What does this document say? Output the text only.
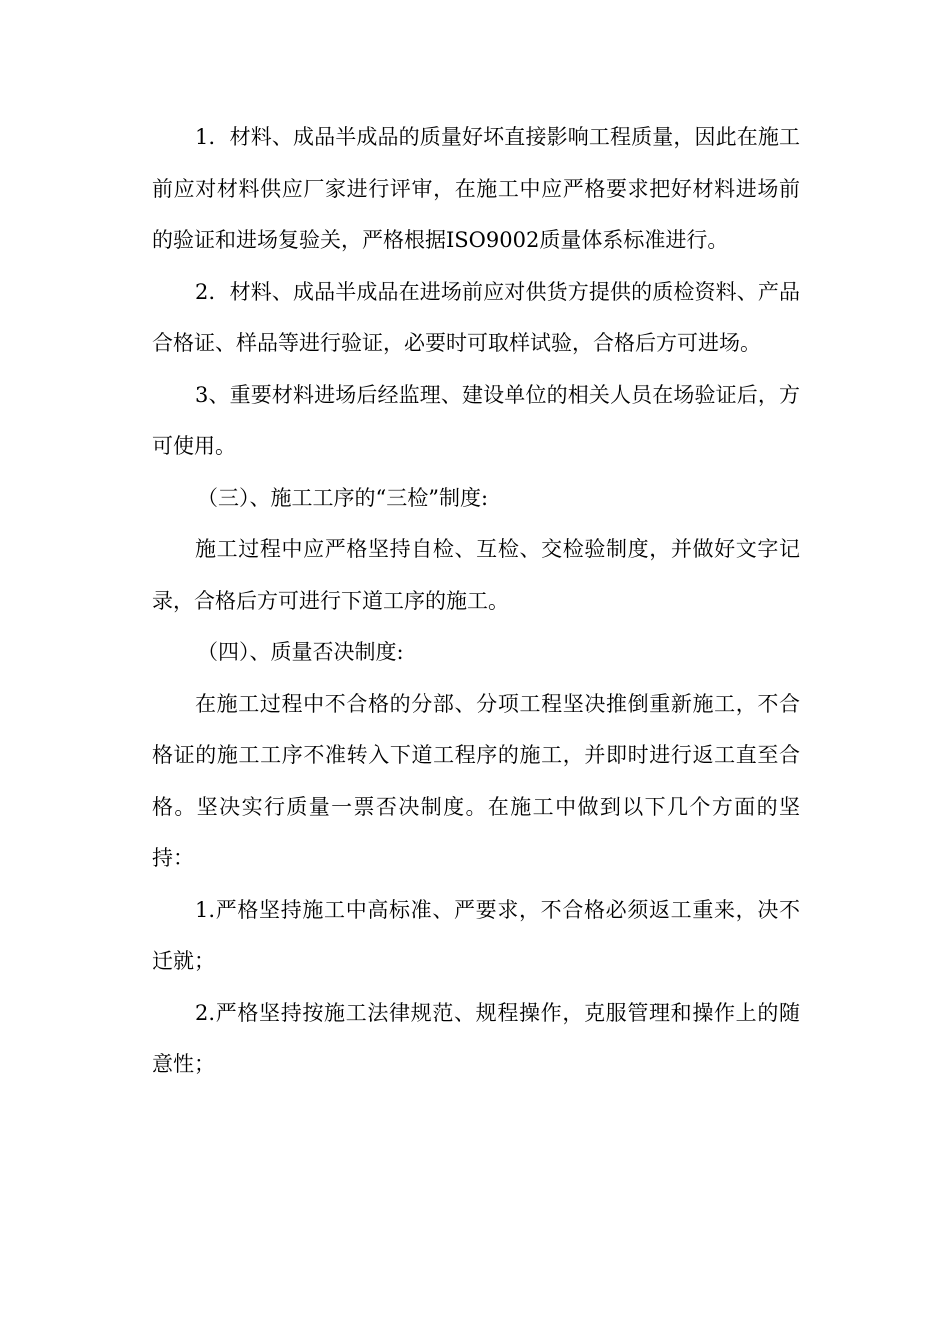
1．材料、成品半成品的质量好坏直接影响工程质量，因此在施工前应对材料供应厂家进行评审，在施工中应严格要求把好材料进场前的验证和进场复验关，严格根据ISO9002质量体系标准进行。

2．材料、成品半成品在进场前应对供货方提供的质检资料、产品合格证、样品等进行验证，必要时可取样试验，合格后方可进场。

3、重要材料进场后经监理、建设单位的相关人员在场验证后，方可使用。

（三）、施工工序的“三检”制度:

施工过程中应严格坚持自检、互检、交检验制度，并做好文字记录，合格后方可进行下道工序的施工。

（四）、质量否决制度:

在施工过程中不合格的分部、分项工程坚决推倒重新施工，不合格证的施工工序不准转入下道工程序的施工，并即时进行返工直至合格。坚决实行质量一票否决制度。在施工中做到以下几个方面的坚持：

1.严格坚持施工中高标准、严要求，不合格必须返工重来，决不迁就；

2.严格坚持按施工法律规范、规程操作，克服管理和操作上的随意性；
